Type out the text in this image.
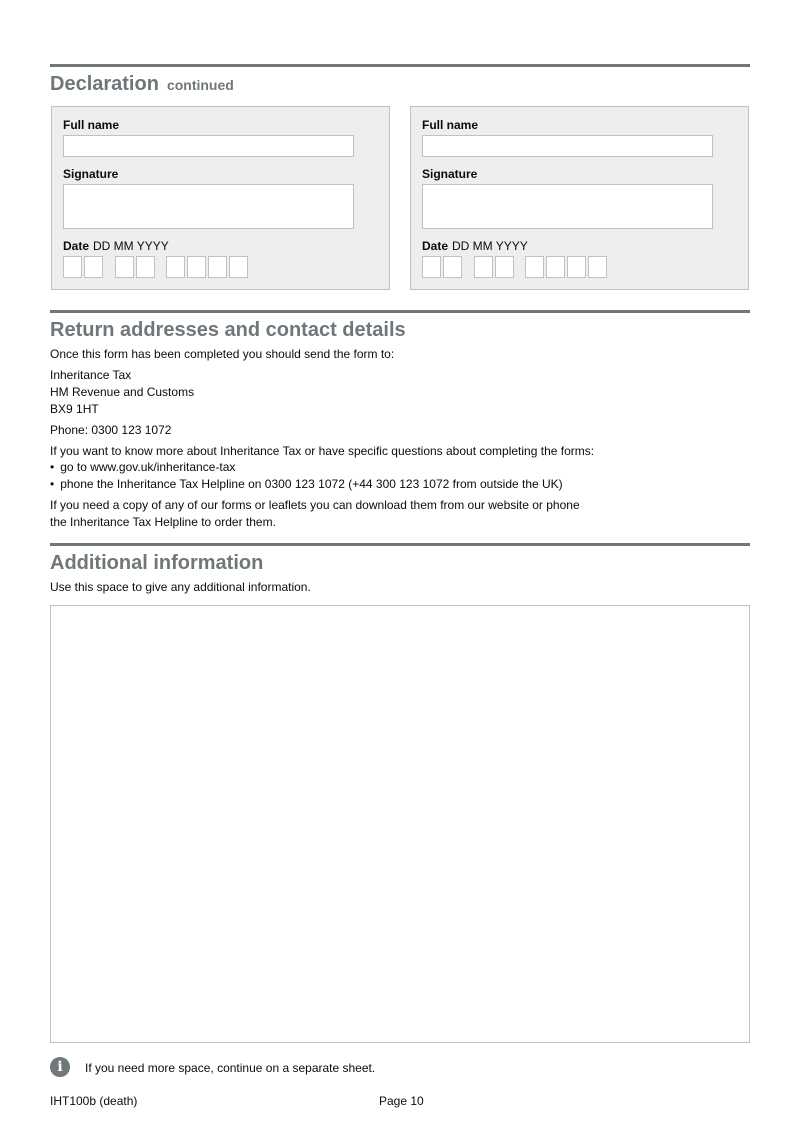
Declaration continued
Full name
Signature
Date DD MM YYYY
Full name
Signature
Date DD MM YYYY
Return addresses and contact details

Once this form has been completed you should send the form to:

Inheritance Tax

HM Revenue and Customs

BX9 1HT

Phone: 0300 123 1072

If you want to know more about Inheritance Tax or have specific questions about completing the forms:

• go to www.gov.uk/inheritance-tax
• phone the Inheritance Tax Helpline on 0300 123 1072 (+44 300 123 1072 from outside the UK)

If you need a copy of any of our forms or leaflets you can download them from our website or phone

the Inheritance Tax Helpline to order them.

Additional information

Use this space to give any additional information.

i	If you need more space, continue on a separate sheet.

IHT100b (death)	Page 10
